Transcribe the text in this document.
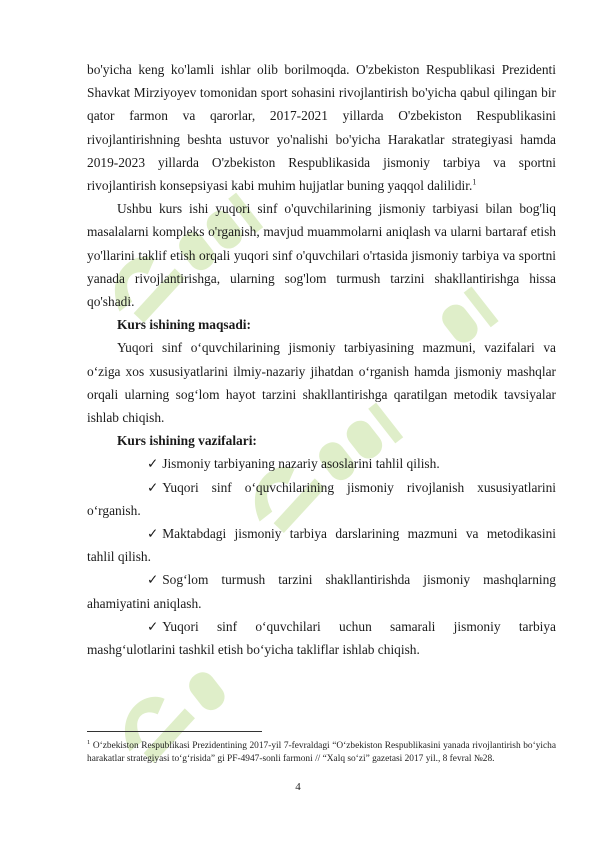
bo'yicha keng ko'lamli ishlar olib borilmoqda. O'zbekiston Respublikasi Prezidenti Shavkat Mirziyoyev tomonidan sport sohasini rivojlantirish bo'yicha qabul qilingan bir qator farmon va qarorlar, 2017-2021 yillarda O'zbekiston Respublikasini rivojlantirishning beshta ustuvor yo'nalishi bo'yicha Harakatlar strategiyasi hamda 2019-2023 yillarda O'zbekiston Respublikasida jismoniy tarbiya va sportni rivojlantirish konsepsiyasi kabi muhim hujjatlar buning yaqqol dalilidir.$^1$

Ushbu kurs ishi yuqori sinf o'quvchilarining jismoniy tarbiyasi bilan bog'liq masalalarni kompleks o'rganish, mavjud muammolarni aniqlash va ularni bartaraf etish yo'llarini taklif etish orqali yuqori sinf o'quvchilari o'rtasida jismoniy tarbiya va sportni yanada rivojlantirishga, ularning sog'lom turmush tarzini shakllantirishga hissa qo'shadi.

Kurs ishining maqsadi:

Yuqori sinf o‘quvchilarining jismoniy tarbiyasining mazmuni, vazifalari va o‘ziga xos xususiyatlarini ilmiy-nazariy jihatdan o‘rganish hamda jismoniy mashqlar orqali ularning sog‘lom hayot tarzini shakllantirishga qaratilgan metodik tavsiyalar ishlab chiqish.

Kurs ishining vazifalari:

✓ Jismoniy tarbiyaning nazariy asoslarini tahlil qilish.

✓ Yuqori sinf o‘quvchilarining jismoniy rivojlanish xususiyatlarini o‘rganish.

✓ Maktabdagi jismoniy tarbiya darslarining mazmuni va metodikasini tahlil qilish.

✓ Sog‘lom turmush tarzini shakllantirishda jismoniy mashqlarning ahamiyatini aniqlash.

✓ Yuqori sinf o‘quvchilari uchun samarali jismoniy tarbiya mashg‘ulotlarini tashkil etish bo‘yicha takliflar ishlab chiqish.

$^1$ O‘zbekiston Respublikasi Prezidentining 2017-yil 7-fevraldagi “O‘zbekiston Respublikasini yanada rivojlantirish bo‘yicha harakatlar strategiyasi to‘g‘risida” gi PF-4947-sonli farmoni // “Xalq so‘zi” gazetasi 2017 yil., 8 fevral №28.
4
